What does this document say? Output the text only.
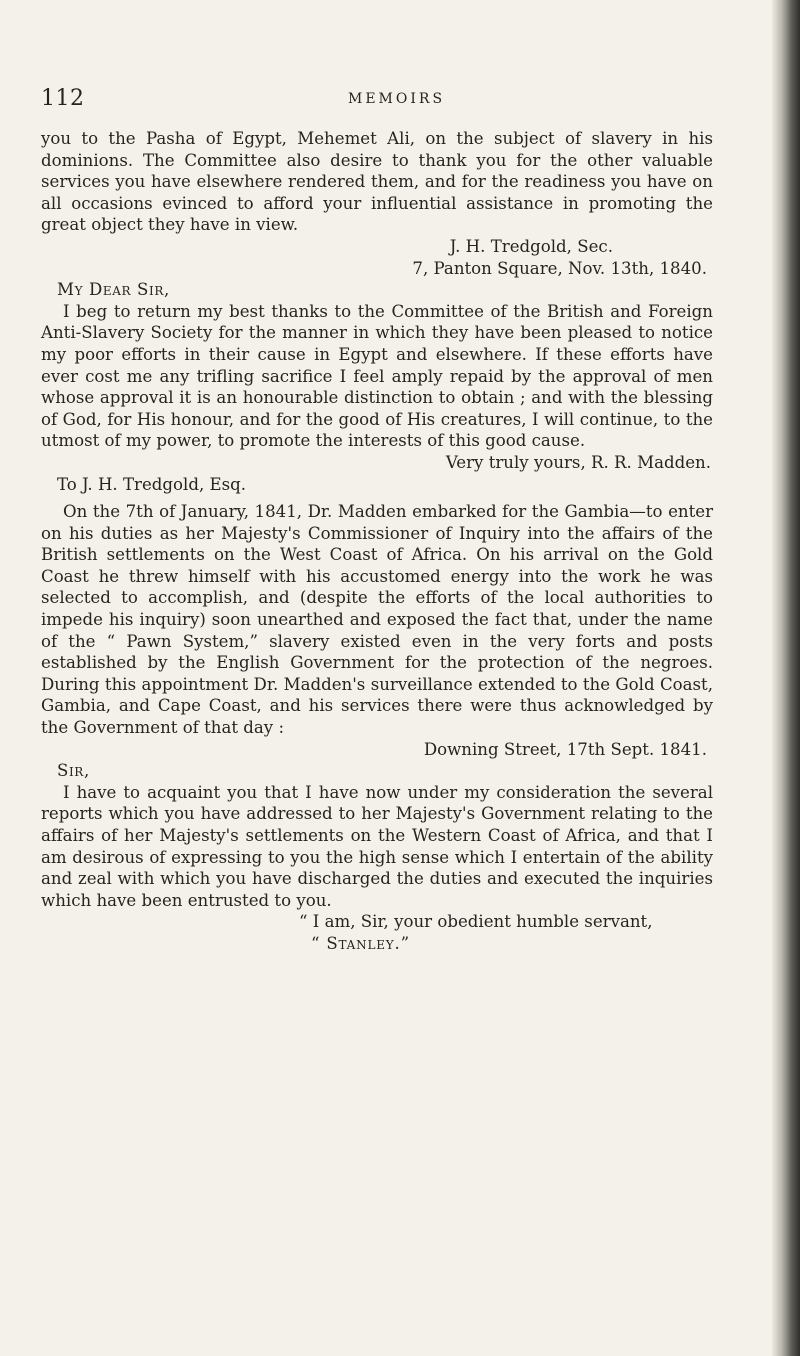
112	MEMOIRS

you to the Pasha of Egypt, Mehemet Ali, on the subject of slavery in his dominions. The Committee also desire to thank you for the other valuable services you have elsewhere rendered them, and for the readiness you have on all occasions evinced to afford your influential assistance in promoting the great object they have in view.

J. H. Tredgold, Sec.

7, Panton Square, Nov. 13th, 1840.

My Dear Sir,

I beg to return my best thanks to the Committee of the British and Foreign Anti-Slavery Society for the manner in which they have been pleased to notice my poor efforts in their cause in Egypt and elsewhere. If these efforts have ever cost me any trifling sacrifice I feel amply repaid by the approval of men whose approval it is an honourable distinction to obtain ; and with the blessing of God, for His honour, and for the good of His creatures, I will continue, to the utmost of my power, to promote the interests of this good cause.

Very truly yours, R. R. Madden.

To J. H. Tredgold, Esq.

On the 7th of January, 1841, Dr. Madden embarked for the Gambia—to enter on his duties as her Majesty's Commissioner of Inquiry into the affairs of the British settlements on the West Coast of Africa. On his arrival on the Gold Coast he threw himself with his accustomed energy into the work he was selected to accomplish, and (despite the efforts of the local authorities to impede his inquiry) soon unearthed and exposed the fact that, under the name of the “ Pawn System,” slavery existed even in the very forts and posts established by the English Government for the protection of the negroes. During this appointment Dr. Madden's surveillance extended to the Gold Coast, Gambia, and Cape Coast, and his services there were thus acknowledged by the Government of that day :

Downing Street, 17th Sept. 1841.

Sir,

I have to acquaint you that I have now under my consideration the several reports which you have addressed to her Majesty's Government relating to the affairs of her Majesty's settlements on the Western Coast of Africa, and that I am desirous of expressing to you the high sense which I entertain of the ability and zeal with which you have discharged the duties and executed the inquiries which have been entrusted to you.

“ I am, Sir, your obedient humble servant,

“ Stanley.”
